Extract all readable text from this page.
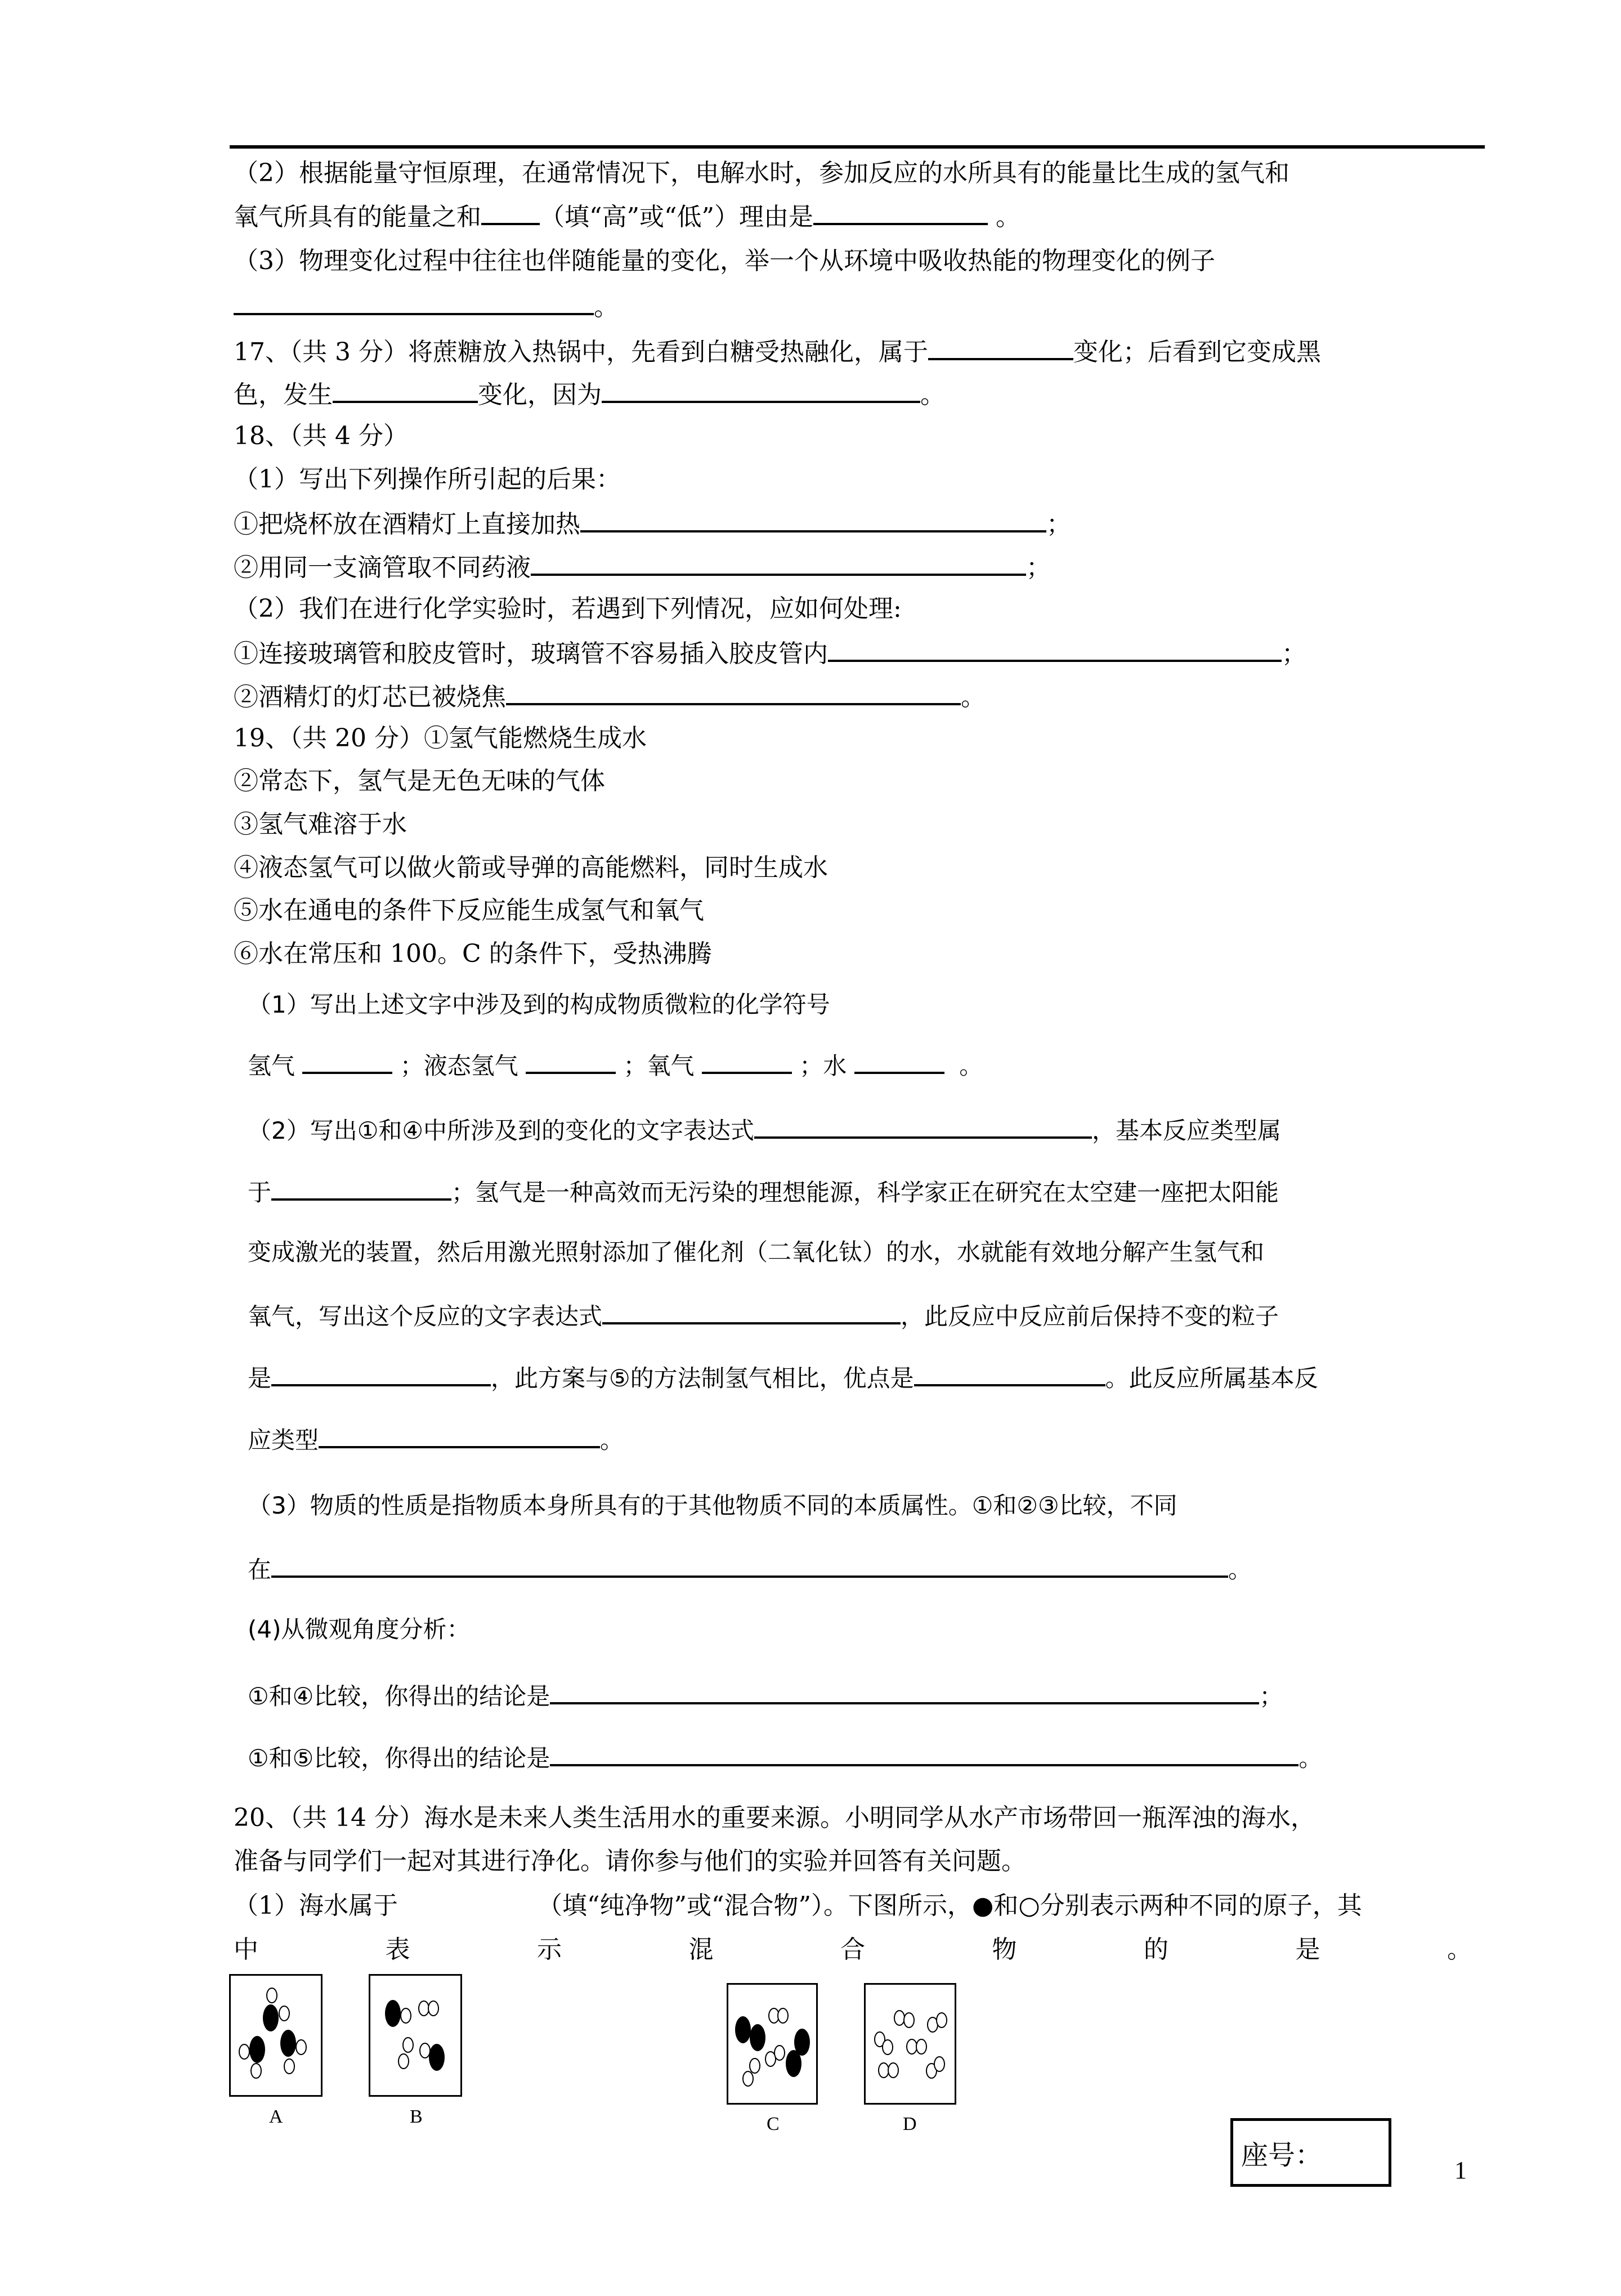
（2）根据能量守恒原理，在通常情况下，电解水时，参加反应的水所具有的能量比生成的氢气和
氧气所具有的能量之和 （填“高”或“低”）理由是	。
（3）物理变化过程中往往也伴随能量的变化，举一个从环境中吸收热能的物理变化的例子
。
17、（共 3 分）将蔗糖放入热锅中，先看到白糖受热融化，属于	变化；后看到它变成黑
色，发生	变化，因为	。
18、（共 4 分）
（1）写出下列操作所引起的后果：
①把烧杯放在酒精灯上直接加热	；
②用同一支滴管取不同药液	；
（2）我们在进行化学实验时，若遇到下列情况，应如何处理:
①连接玻璃管和胶皮管时，玻璃管不容易插入胶皮管内	；
②酒精灯的灯芯已被烧焦	。
19、（共 20 分）①氢气能燃烧生成水
②常态下，氢气是无色无味的气体
③氢气难溶于水
④液态氢气可以做火箭或导弹的高能燃料，同时生成水
⑤水在通电的条件下反应能生成氢气和氧气
⑥水在常压和 100。C 的条件下，受热沸腾
（1）写出上述文字中涉及到的构成物质微粒的化学符号
氢气	；液态氢气	；氧气	；水	。
（2）写出①和④中所涉及到的变化的文字表达式	，基本反应类型属
于	；氢气是一种高效而无污染的理想能源，科学家正在研究在太空建一座把太阳能
变成激光的装置，然后用激光照射添加了催化剂（二氧化钛）的水，水就能有效地分解产生氢气和
氧气，写出这个反应的文字表达式	，此反应中反应前后保持不变的粒子
是	，此方案与⑤的方法制氢气相比，优点是	。此反应所属基本反
应类型	。
（3）物质的性质是指物质本身所具有的于其他物质不同的本质属性。①和②③比较，不同
在	。
(4)从微观角度分析：
①和④比较，你得出的结论是	；
①和⑤比较，你得出的结论是	。
20、（共 14 分）海水是未来人类生活用水的重要来源。小明同学从水产市场带回一瓶浑浊的海水，
准备与同学们一起对其进行净化。请你参与他们的实验并回答有关问题。
（1）海水属于	（填“纯净物”或“混合物”）。下图所示，●和○分别表示两种不同的原子，其
中	表	示	混	合	物	的	是	。
A	B	C	D
座号：	1
